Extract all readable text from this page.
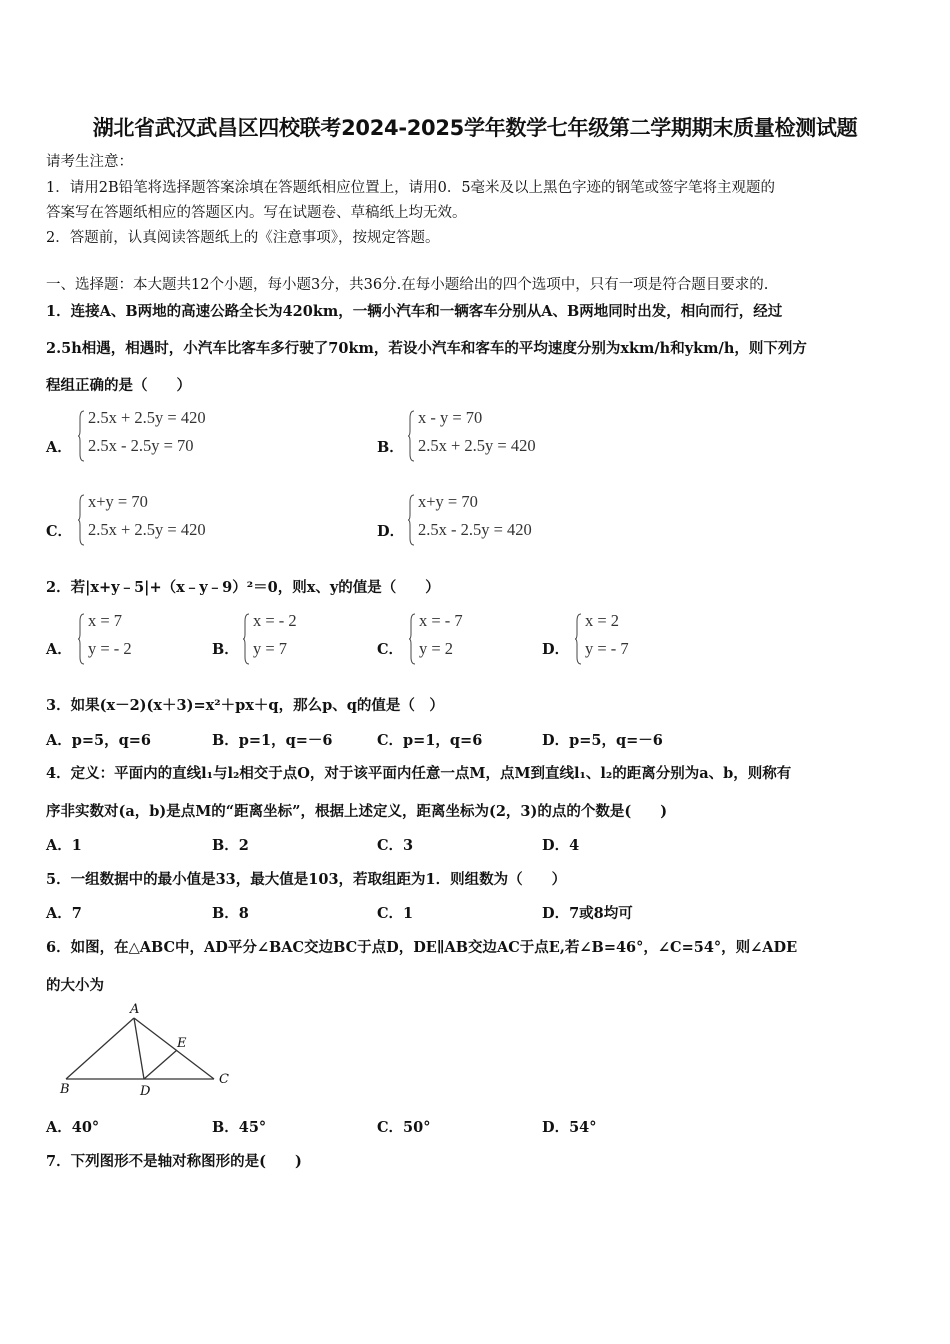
湖北省武汉武昌区四校联考2024-2025学年数学七年级第二学期期末质量检测试题
请考生注意：
1．请用2B铅笔将选择题答案涂填在答题纸相应位置上，请用0．5毫米及以上黑色字迹的钢笔或签字笔将主观题的
答案写在答题纸相应的答题区内。写在试题卷、草稿纸上均无效。
2．答题前，认真阅读答题纸上的《注意事项》，按规定答题。
一、选择题：本大题共12个小题，每小题3分，共36分.在每小题给出的四个选项中，只有一项是符合题目要求的.
1．连接A、B两地的高速公路全长为420km，一辆小汽车和一辆客车分别从A、B两地同时出发，相向而行，经过
2.5h相遇，相遇时，小汽车比客车多行驶了70km，若设小汽车和客车的平均速度分别为xkm/h和ykm/h，则下列方
程组正确的是（　　）
A．
2.5x + 2.5y = 420
2.5x - 2.5y = 70	B．
x - y = 70
2.5x + 2.5y = 420
C．
x+y = 70
2.5x + 2.5y = 420	D．
x+y = 70
2.5x - 2.5y = 420
2．若|x+y﹣5|+（x﹣y﹣9）²＝0，则x、y的值是（　　）
A．
x = 7
y = - 2	B．
x = - 2
y = 7	C．
x = - 7
y = 2	D．
x = 2
y = - 7
3．如果(x－2)(x＋3)=x²＋px＋q，那么p、q的值是（　）
A．p=5，q=6	B．p=1，q=－6	C．p=1，q=6	D．p=5，q=－6
4．定义：平面内的直线l₁与l₂相交于点O，对于该平面内任意一点M，点M到直线l₁、l₂的距离分别为a、b，则称有
序非实数对(a，b)是点M的“距离坐标”，根据上述定义，距离坐标为(2，3)的点的个数是(　　)
A．1	B．2	C．3	D．4
5．一组数据中的最小值是33，最大值是103，若取组距为1．则组数为（　　）
A．7	B．8	C．1	D．7或8均可
6．如图，在△ABC中，AD平分∠BAC交边BC于点D，DE∥AB交边AC于点E,若∠B=46°，∠C=54°，则∠ADE
的大小为
A
B	D
C
E
A．40°	B．45°	C．50°	D．54°
7．下列图形不是轴对称图形的是(　　)
